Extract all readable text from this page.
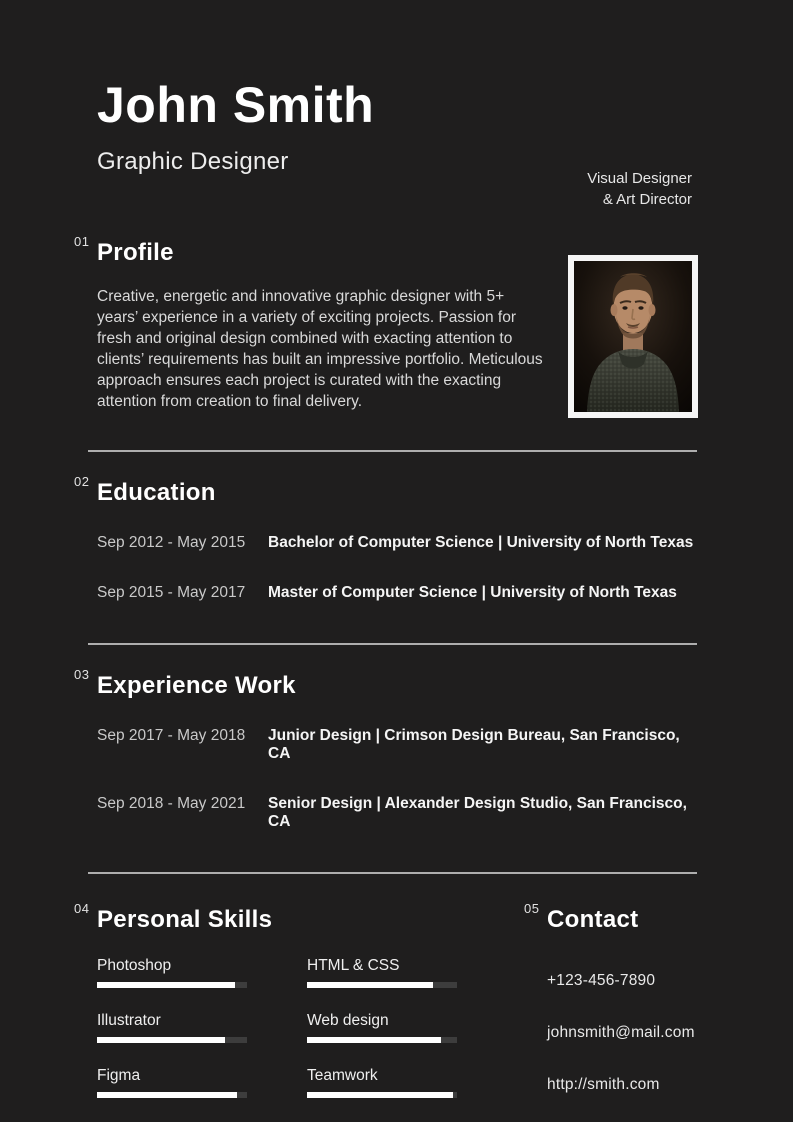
John Smith
Graphic Designer
Visual Designer
& Art Director
01 Profile

Creative, energetic and innovative graphic designer with 5+ years’ experience in a variety of exciting projects. Passion for fresh and original design combined with exacting attention to clients’ requirements has built an impressive portfolio. Meticulous approach ensures each project is curated with the exacting attention from creation to final delivery.

02 Education
Sep 2012 - May 2015	Bachelor of Computer Science | University of North Texas
Sep 2015 - May 2017	Master of Computer Science | University of North Texas
03 Experience Work
Sep 2017 - May 2018	Junior Design | Crimson Design Bureau, San Francisco, CA
Sep 2018 - May 2021	Senior Design | Alexander Design Studio, San Francisco, CA
04 Personal Skills
Photoshop	HTML & CSS
Illustrator	Web design
Figma	Teamwork
05 Contact
+123-456-7890
johnsmith@mail.com
http://smith.com
